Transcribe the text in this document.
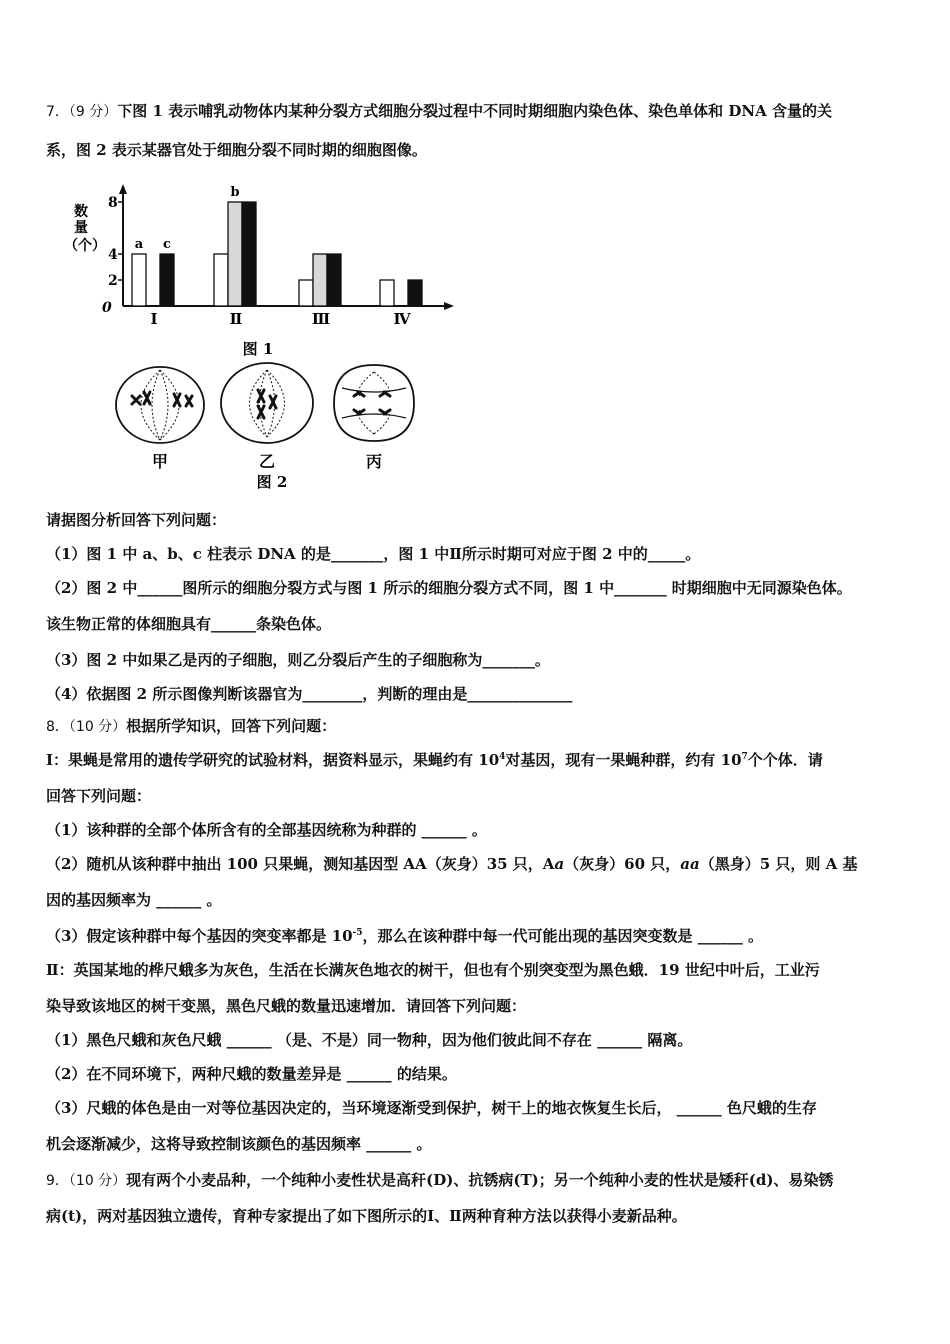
7．（9 分）下图 1 表示哺乳动物体内某种分裂方式细胞分裂过程中不同时期细胞内染色体、染色单体和 DNA 含量的关
系，图 2 表示某器官处于细胞分裂不同时期的细胞图像。
数
量
（个）
0
2
4
8
a c
b
Ⅰ	Ⅱ	Ⅲ	Ⅳ
图 1
甲	乙	丙
图 2
请据图分析回答下列问题：
（1）图 1 中 a、b、c 柱表示 DNA 的是_______，图 1 中Ⅱ所示时期可对应于图 2 中的_____。
（2）图 2 中______图所示的细胞分裂方式与图 1 所示的细胞分裂方式不同，图 1 中_______ 时期细胞中无同源染色体。
该生物正常的体细胞具有______条染色体。
（3）图 2 中如果乙是丙的子细胞，则乙分裂后产生的子细胞称为_______。
（4）依据图 2 所示图像判断该器官为________，判断的理由是______________
8．（10 分）根据所学知识，回答下列问题：
Ⅰ：果蝇是常用的遗传学研究的试验材料，据资料显示，果蝇约有 $10^4$对基因，现有一果蝇种群，约有 $10^7$个个体．请
回答下列问题：
（1）该种群的全部个体所含有的全部基因统称为种群的 ______ 。
（2）随机从该种群中抽出 100 只果蝇，测知基因型 AA（灰身）35 只，Aa（灰身）60 只，aa（黑身）5 只，则 A 基
因的基因频率为 ______ 。
（3）假定该种群中每个基因的突变率都是 $10^{-5}$，那么在该种群中每一代可能出现的基因突变数是 ______ 。
Ⅱ：英国某地的桦尺蛾多为灰色，生活在长满灰色地衣的树干，但也有个别突变型为黑色蛾．19 世纪中叶后，工业污
染导致该地区的树干变黑，黑色尺蛾的数量迅速增加．请回答下列问题：
（1）黑色尺蛾和灰色尺蛾 ______ （是、不是）同一物种，因为他们彼此间不存在 ______ 隔离。
（2）在不同环境下，两种尺蛾的数量差异是 ______ 的结果。
（3）尺蛾的体色是由一对等位基因决定的，当环境逐渐受到保护，树干上的地衣恢复生长后， ______ 色尺蛾的生存
机会逐渐减少，这将导致控制该颜色的基因频率 ______ 。
9．（10 分）现有两个小麦品种，一个纯种小麦性状是高秆(D)、抗锈病(T)；另一个纯种小麦的性状是矮秆(d)、易染锈
病(t)，两对基因独立遗传，育种专家提出了如下图所示的Ⅰ、Ⅱ两种育种方法以获得小麦新品种。
